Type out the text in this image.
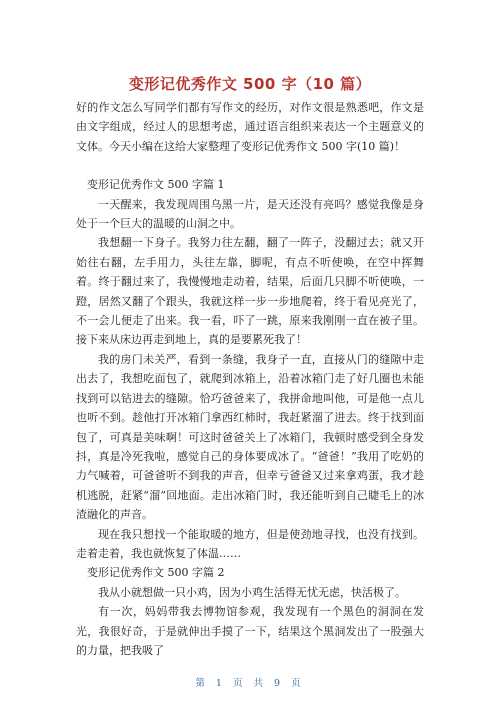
变形记优秀作文 500 字（10 篇）

好的作文怎么写同学们都有写作文的经历，对作文很是熟悉吧，作文是由文字组成，经过人的思想考虑，通过语言组织来表达一个主题意义的文体。今天小编在这给大家整理了变形记优秀作文 500 字(10 篇)！

变形记优秀作文 500 字篇 1

一天醒来，我发现周围乌黑一片，是天还没有亮吗？感觉我像是身处于一个巨大的温暖的山洞之中。

我想翻一下身子。我努力往左翻，翻了一阵子，没翻过去；就又开始往右翻，左手用力，头往左靠，脚呢，有点不听使唤，在空中挥舞着。终于翻过来了，我慢慢地走动着，结果，后面几只脚不听使唤，一蹬，居然又翻了个跟头，我就这样一步一步地爬着，终于看见亮光了，不一会儿便走了出来。我一看，吓了一跳，原来我刚刚一直在被子里。接下来从床边再走到地上，真的是要累死我了！

我的房门未关严，看到一条缝，我身子一直，直接从门的缝隙中走出去了，我想吃面包了，就爬到冰箱上，沿着冰箱门走了好几圈也未能找到可以钻进去的缝隙。恰巧爸爸来了，我拼命地叫他，可是他一点儿也听不到。趁他打开冰箱门拿西红柿时，我赶紧溜了进去。终于找到面包了，可真是美味啊！可这时爸爸关上了冰箱门，我顿时感受到全身发抖，真是冷死我啦，感觉自己的身体要成冰了。“爸爸！”我用了吃奶的力气喊着，可爸爸听不到我的声音，但幸亏爸爸又过来拿鸡蛋，我才趁机逃脱，赶紧“溜”回地面。走出冰箱门时，我还能听到自己睫毛上的冰渣融化的声音。

现在我只想找一个能取暖的地方，但是使劲地寻找，也没有找到。走着走着，我也就恢复了体温……

变形记优秀作文 500 字篇 2

我从小就想做一只小鸡，因为小鸡生活得无忧无虑，快活极了。

有一次，妈妈带我去博物馆参观，我发现有一个黑色的洞洞在发光，我很好奇，于是就伸出手摸了一下，结果这个黑洞发出了一股强大的力量，把我吸了

第 1 页 共 9 页
